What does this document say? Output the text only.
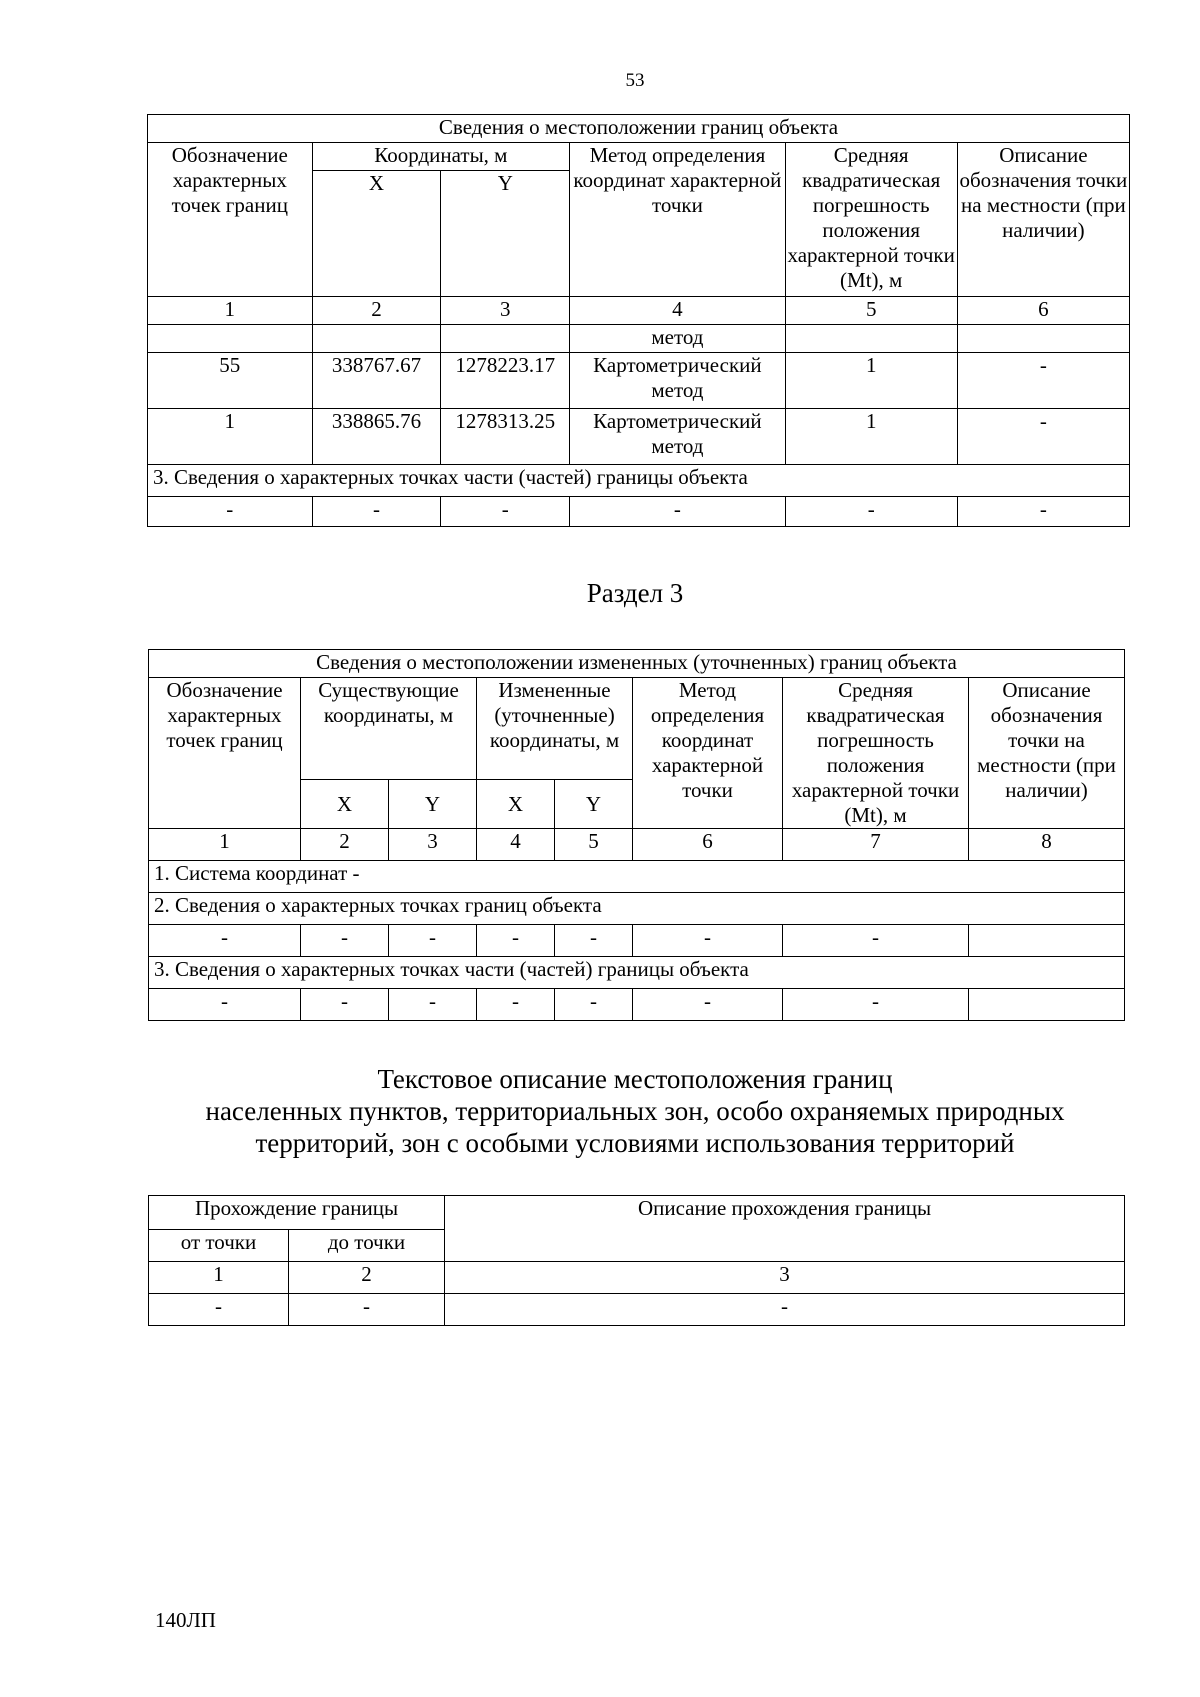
53
Сведения о местоположении границ объекта					
Обозначение характерных точек границ	Координаты, м		Метод определения координат характерной точки	Средняя квадратическая погрешность положения характерной точки (Mt), м	Описание обозначения точки на местности (при наличии)
	X	Y			
1	2	3	4	5	6
			метод		
55	338767.67	1278223.17	Картометрический метод	1	-
1	338865.76	1278313.25	Картометрический метод	1	-
3. Сведения о характерных точках части (частей) границы объекта					
-	-	-	-	-	-
Раздел 3
Сведения о местоположении измененных (уточненных) границ объекта							
Обозначение характерных точек границ	Существующие координаты, м		Измененные (уточненные) координаты, м		Метод определения координат характерной точки	Средняя квадратическая погрешность положения характерной точки (Mt), м	Описание обозначения точки на местности (при наличии)
	X	Y	X	Y			
1	2	3	4	5	6	7	8
1. Система координат -							
2. Сведения о характерных точках границ объекта							
-	-	-	-	-	-	-	
3. Сведения о характерных точках части (частей) границы объекта							
-	-	-	-	-	-	-	
Текстовое описание местоположения границ
населенных пунктов, территориальных зон, особо охраняемых природных
территорий, зон с особыми условиями использования территорий
Прохождение границы		Описание прохождения границы
от точки	до точки	
1	2	3
-	-	-
140ЛП
